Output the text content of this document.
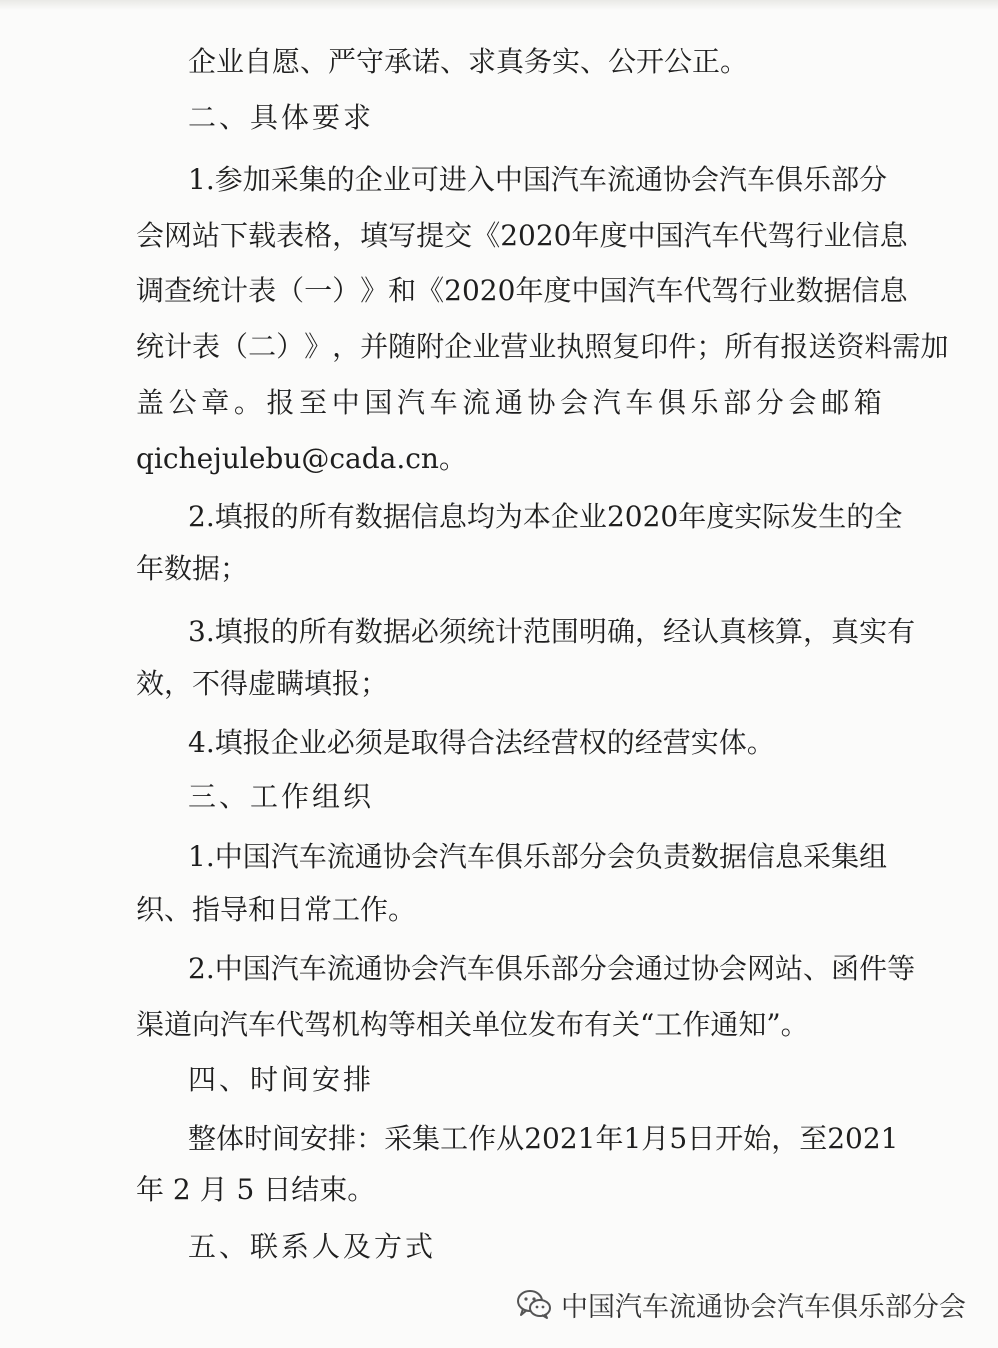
企业自愿、严守承诺、求真务实、公开公正。

二、具体要求

1. 参 加 采 集 的 企 业 可 进 入 中 国 汽 车 流 通 协 会 汽 车 俱 乐 部 分

会 网 站 下 载 表 格 ， 填 写 提 交 《 2020 年 度 中 国 汽 车 代 驾 行 业 信 息

调 查 统 计 表 （ 一 ） 》 和 《 2020 年 度 中 国 汽 车 代 驾 行 业 数 据 信 息

统 计 表 （ 二 ） 》 ， 并 随 附 企 业 营 业 执 照 复 印 件 ； 所 有 报 送 资 料 需 加

盖 公 章 。 报 至 中 国 汽 车 流 通 协 会 汽 车 俱 乐 部 分 会 邮 箱

qichejulebu@cada.cn。

2. 填 报 的 所 有 数 据 信 息 均 为 本 企 业 2020 年 度 实 际 发 生 的 全

年数据；

3. 填 报 的 所 有 数 据 必 须 统 计 范 围 明 确 ， 经 认 真 核 算 ， 真 实 有

效，不得虚瞒填报；

4.填报企业必须是取得合法经营权的经营实体。

三、工作组织

1. 中 国 汽 车 流 通 协 会 汽 车 俱 乐 部 分 会 负 责 数 据 信 息 采 集 组

织、指导和日常工作。

2. 中 国 汽 车 流 通 协 会 汽 车 俱 乐 部 分 会 通 过 协 会 网 站 、 函 件 等

渠道向汽车代驾机构等相关单位发布有关“工作通知”。

四、时间安排

整 体 时 间 安 排 ： 采 集 工 作 从 2021 年 1 月 5 日 开 始 ， 至 2021

年 2 月 5 日结束。

五、联系人及方式

中国汽车流通协会汽车俱乐部分会
